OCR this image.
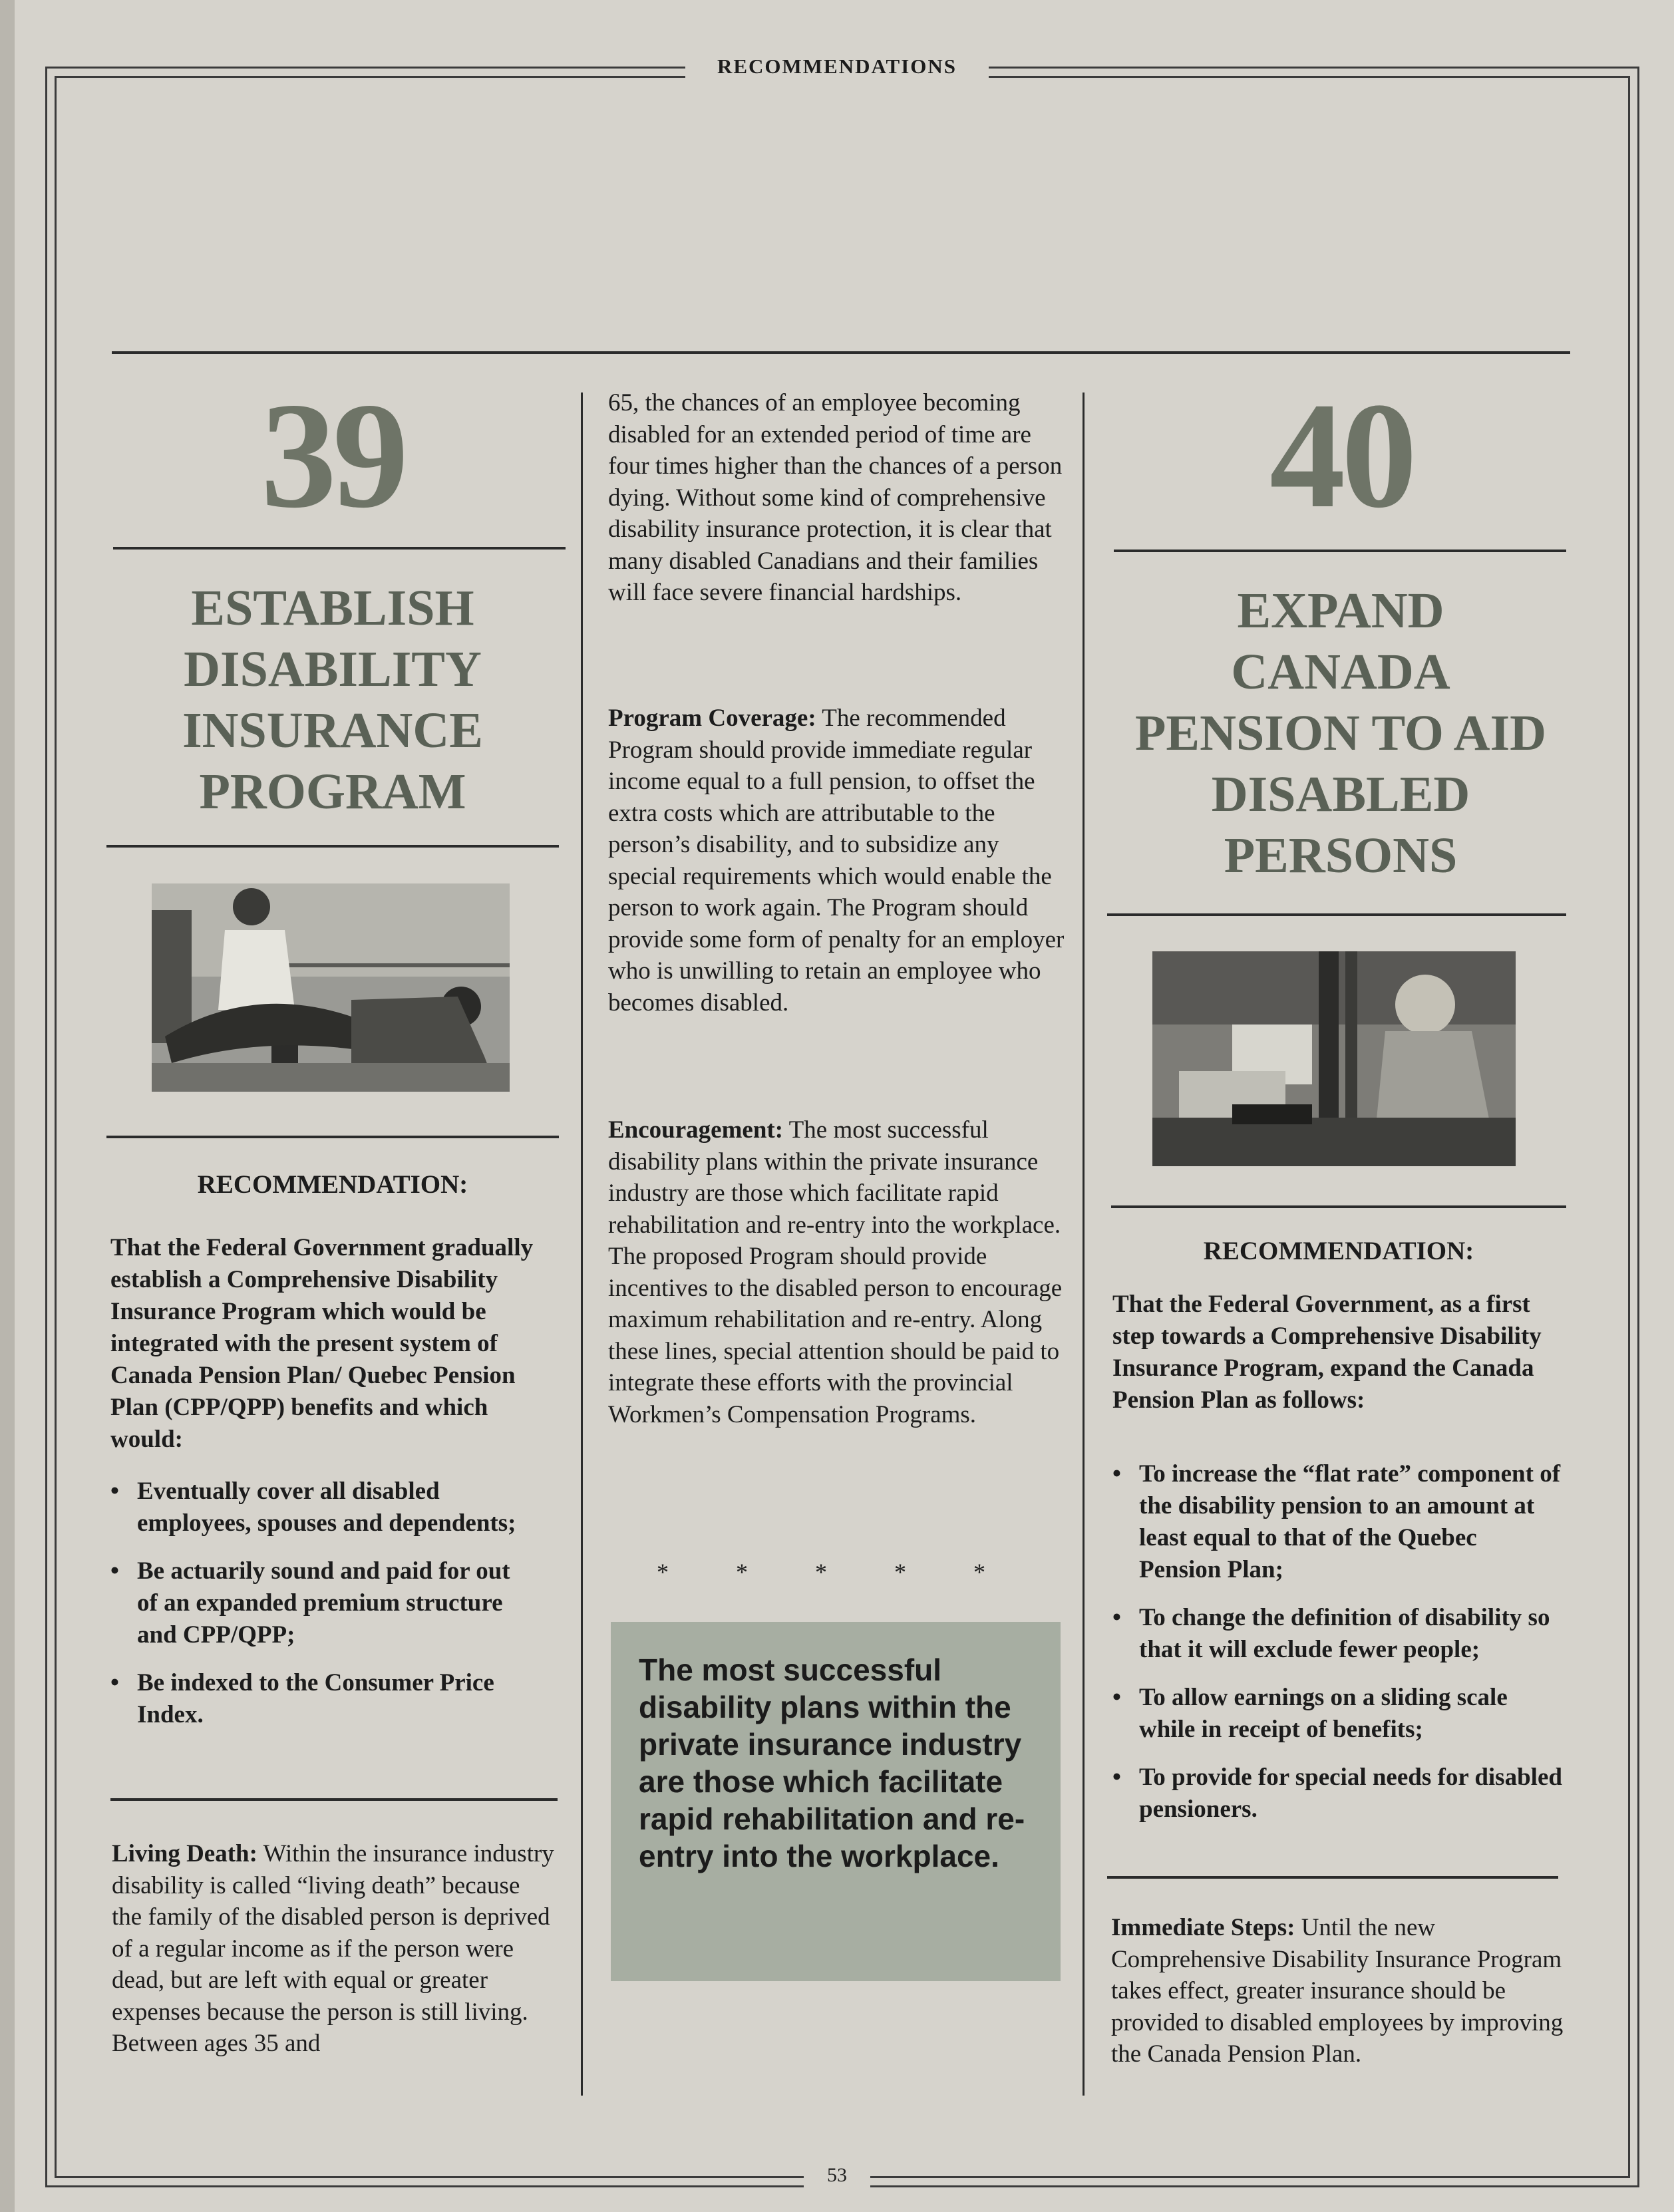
RECOMMENDATIONS
53
39
ESTABLISH
DISABILITY
INSURANCE
PROGRAM
RECOMMENDATION:
That the Federal Government gradually establish a Comprehensive Disability Insurance Program which would be integrated with the present system of Canada Pension Plan/ Quebec Pension Plan (CPP/QPP) benefits and which would:
• Eventually cover all disabled employees, spouses and dependents;
• Be actuarily sound and paid for out of an expanded premium structure and CPP/QPP;
• Be indexed to the Consumer Price Index.

Living Death: Within the insurance industry disability is called “living death” because the family of the disabled person is deprived of a regular income as if the person were dead, but are left with equal or greater expenses because the person is still living. Between ages 35 and

65, the chances of an employee becoming disabled for an extended period of time are four times higher than the chances of a person dying. Without some kind of comprehensive disability insurance protection, it is clear that many disabled Canadians and their families will face severe financial hardships.

Program Coverage: The recommended Program should provide immediate regular income equal to a full pension, to offset the extra costs which are attributable to the person’s disability, and to subsidize any special requirements which would enable the person to work again. The Program should provide some form of penalty for an employer who is unwilling to retain an employee who becomes disabled.

Encouragement: The most successful disability plans within the private insurance industry are those which facilitate rapid rehabilitation and re-entry into the workplace. The proposed Program should provide incentives to the disabled person to encourage maximum rehabilitation and re-entry. Along these lines, special attention should be paid to integrate these efforts with the provincial Workmen’s Compensation Programs.

* * * * *
The most successful disability plans within the private insurance industry are those which facilitate rapid rehabilitation and re-entry into the workplace.
40
EXPAND
CANADA
PENSION TO AID
DISABLED
PERSONS
RECOMMENDATION:
That the Federal Government, as a first step towards a Comprehensive Disability Insurance Program, expand the Canada Pension Plan as follows:
• To increase the “flat rate” component of the disability pension to an amount at least equal to that of the Quebec Pension Plan;
• To change the definition of disability so that it will exclude fewer people;
• To allow earnings on a sliding scale while in receipt of benefits;
• To provide for special needs for disabled pensioners.

Immediate Steps: Until the new Comprehensive Disability Insurance Program takes effect, greater insurance should be provided to disabled employees by improving the Canada Pension Plan.
